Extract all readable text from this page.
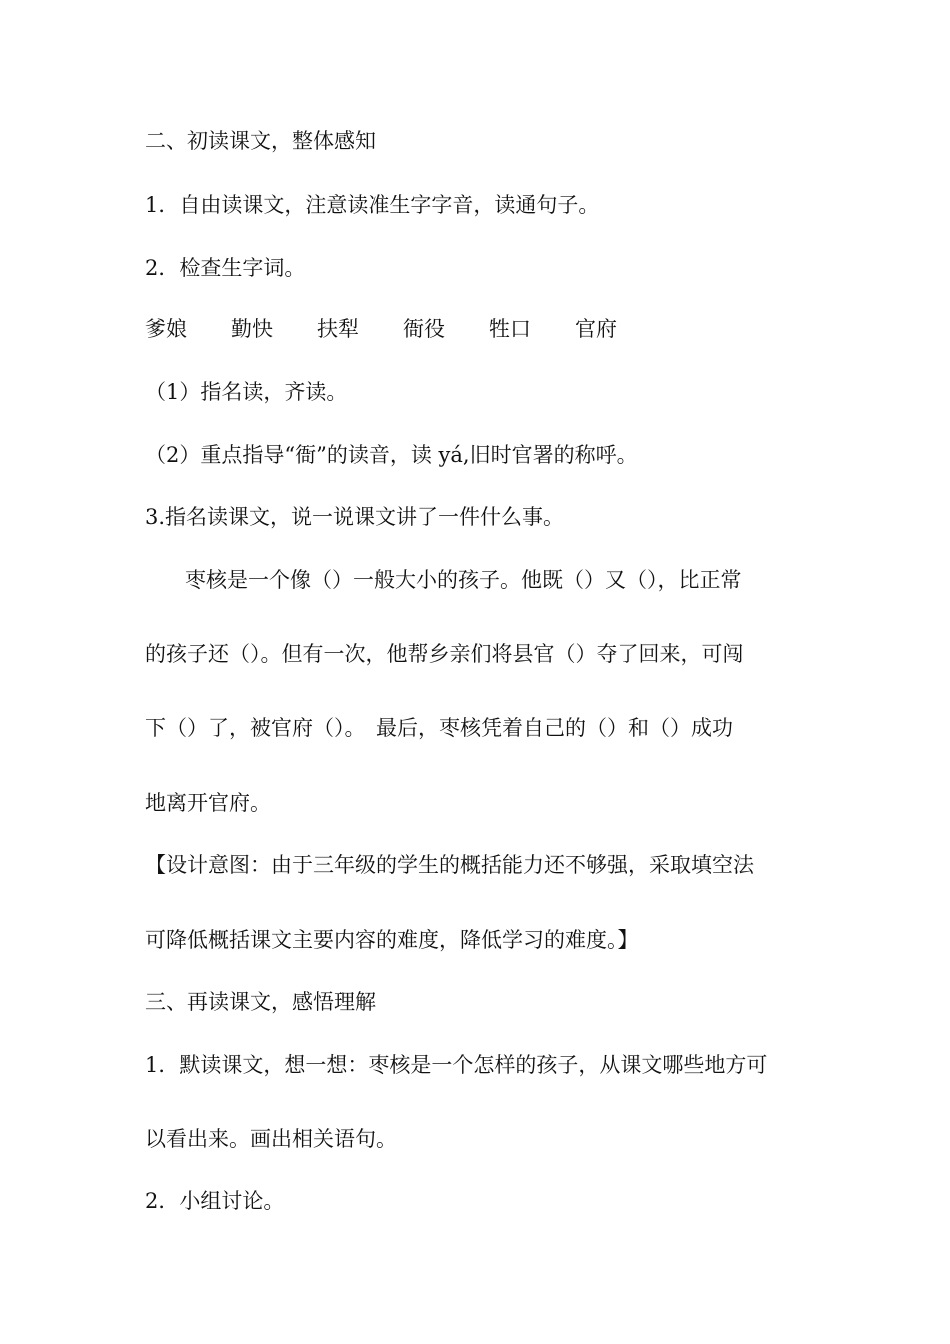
二、初读课文，整体感知
1．自由读课文，注意读准生字字音，读通句子。
2．检查生字词。
爹娘 勤快 扶犁 衙役 牲口 官府
（1）指名读，齐读。
（2）重点指导“衙”的读音，读 yá,旧时官署的称呼。
3.指名读课文，说一说课文讲了一件什么事。
枣核是一个像（）一般大小的孩子。他既（）又（），比正常
的孩子还（）。但有一次，他帮乡亲们将县官（）夺了回来，可闯
下（）了，被官府（）。　最后，枣核凭着自己的（）和（）成功
地离开官府。
【设计意图：由于三年级的学生的概括能力还不够强，采取填空法
可降低概括课文主要内容的难度，降低学习的难度。】
三、再读课文，感悟理解
1．默读课文，想一想：枣核是一个怎样的孩子，从课文哪些地方可
以看出来。画出相关语句。
2．小组讨论。
